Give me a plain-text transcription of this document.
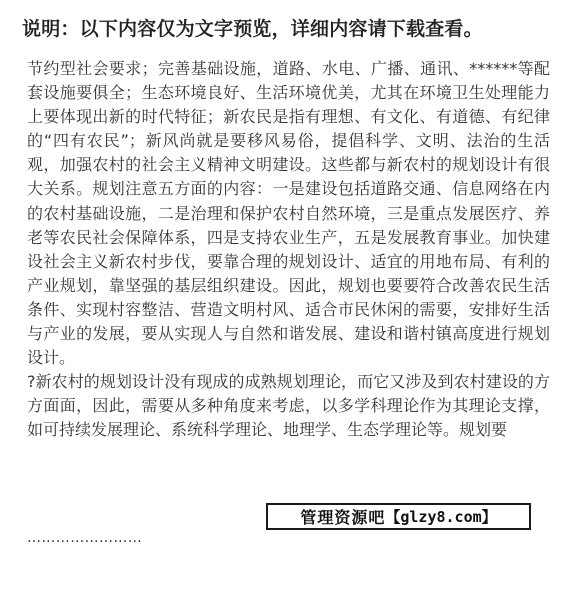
说明：以下内容仅为文字预览，详细内容请下载查看。

节约型社会要求；完善基础设施，道路、水电、广播、通讯、******等配套设施要俱全；生态环境良好、生活环境优美，尤其在环境卫生处理能力上要体现出新的时代特征；新农民是指有理想、有文化、有道德、有纪律的“四有农民”；新风尚就是要移风易俗，提倡科学、文明、法治的生活观，加强农村的社会主义精神文明建设。这些都与新农村的规划设计有很大关系。规划注意五方面的内容：一是建设包括道路交通、信息网络在内的农村基础设施，二是治理和保护农村自然环境，三是重点发展医疗、养老等农民社会保障体系，四是支持农业生产，五是发展教育事业。加快建设社会主义新农村步伐，要靠合理的规划设计、适宜的用地布局、有利的产业规划，靠坚强的基层组织建设。因此，规划也要要符合改善农民生活条件、实现村容整洁、营造文明村风、适合市民休闲的需要，安排好生活与产业的发展，要从实现人与自然和谐发展、建设和谐村镇高度进行规划设计。

?新农村的规划设计没有现成的成熟规划理论，而它又涉及到农村建设的方方面面，因此，需要从多种角度来考虑，以多学科理论作为其理论支撑，如可持续发展理论、系统科学理论、地理学、生态学理论等。规划要

……………………
管理资源吧 【glzy8.com】
